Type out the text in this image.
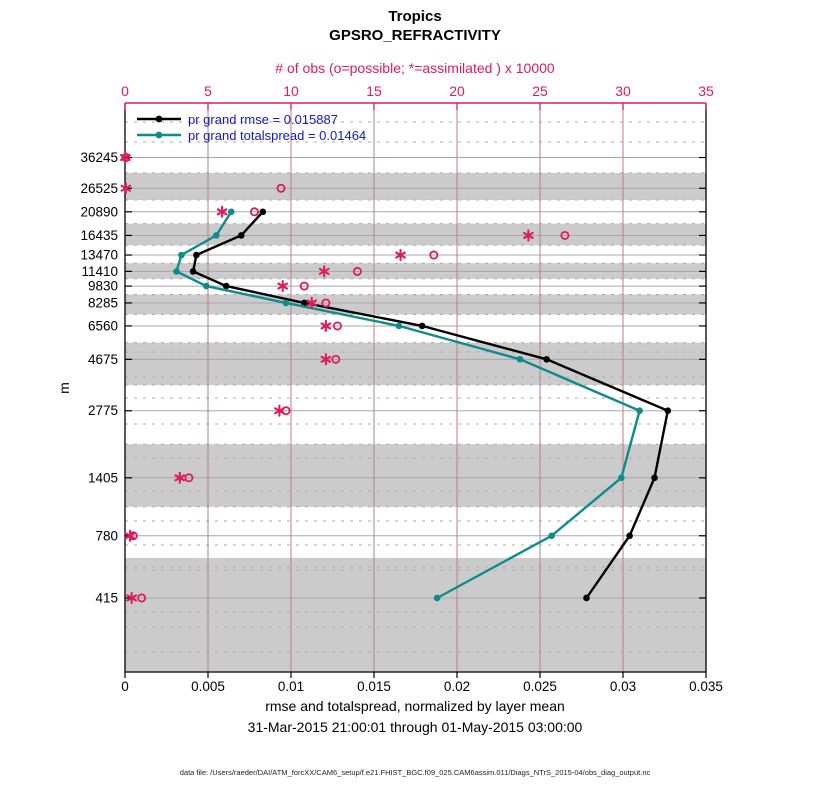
36245
26525
20890
16435
13470
11410
9830
8285
6560
4675
2775
1405
780
415
0	5	10	15	20	25	30	35
0	0.005	0.01	0.015	0.02	0.025	0.03	0.035
Tropics
GPSRO_REFRACTIVITY
# of obs (o=possible; *=assimilated ) x 10000
m
pr grand rmse = 0.015887
pr grand totalspread = 0.01464
rmse and totalspread, normalized by layer mean
31-Mar-2015 21:00:01 through 01-May-2015 03:00:00
data file: /Users/raeder/DAI/ATM_forcXX/CAM6_setup/f.e21.FHIST_BGC.f09_025.CAM6assim.011/Diags_NTrS_2015-04/obs_diag_output.nc
